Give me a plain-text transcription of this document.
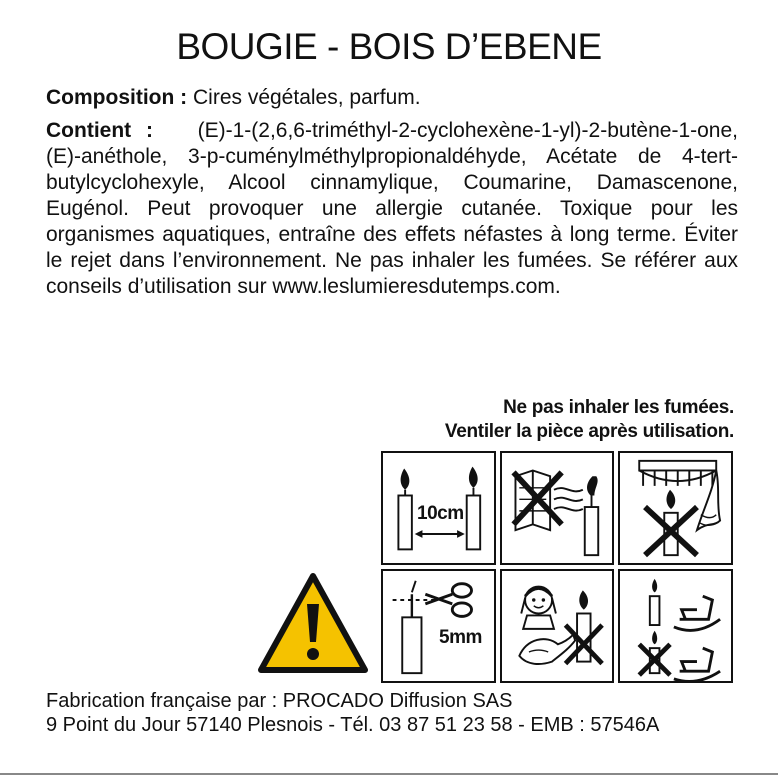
BOUGIE - BOIS D’EBENE
Composition : Cires végétales, parfum.
Contient : (E)-1-(2,6,6-triméthyl-2-cyclohexène-1-yl)-2-butène-1-one, (E)-anéthole, 3-p-cuménylméthylpropionaldéhyde, Acétate de 4-tert-butylcyclohexyle, Alcool cinnamylique, Coumarine, Damascenone, Eugénol. Peut provoquer une allergie cutanée. Toxique pour les organismes aquatiques, entraîne des effets néfastes à long terme. Éviter le rejet dans l’environnement. Ne pas inhaler les fumées. Se référer aux conseils d’utilisation sur www.leslumieresdutemps.com.
Ne pas inhaler les fumées.
Ventiler la pièce après utilisation.
10cm
5mm
Fabrication française par : PROCADO Diffusion SAS
9 Point du Jour 57140 Plesnois - Tél. 03 87 51 23 58 - EMB : 57546A
